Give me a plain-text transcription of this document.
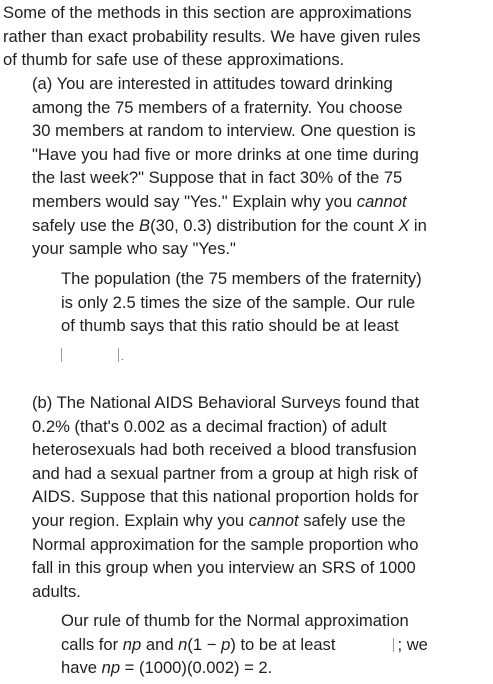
Some of the methods in this section are approximations
rather than exact probability results. We have given rules
of thumb for safe use of these approximations.
(a) You are interested in attitudes toward drinking
among the 75 members of a fraternity. You choose
30 members at random to interview. One question is
"Have you had five or more drinks at one time during
the last week?" Suppose that in fact 30% of the 75
members would say "Yes." Explain why you cannot
safely use the B(30, 0.3) distribution for the count X in
your sample who say "Yes."
The population (the 75 members of the fraternity)
is only 2.5 times the size of the sample. Our rule
of thumb says that this ratio should be at least
.
(b) The National AIDS Behavioral Surveys found that
0.2% (that's 0.002 as a decimal fraction) of adult
heterosexuals had both received a blood transfusion
and had a sexual partner from a group at high risk of
AIDS. Suppose that this national proportion holds for
your region. Explain why you cannot safely use the
Normal approximation for the sample proportion who
fall in this group when you interview an SRS of 1000
adults.
Our rule of thumb for the Normal approximation
calls for np and n(1 − p) to be at least	; we
have np = (1000)(0.002) = 2.
